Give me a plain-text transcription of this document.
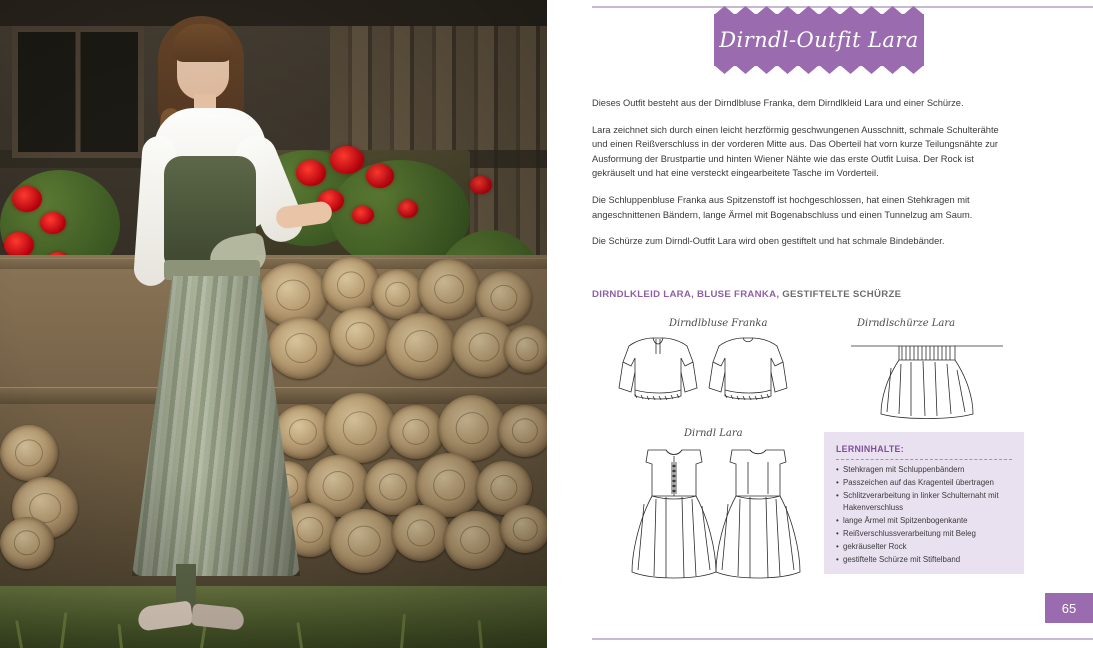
Dirndl-Outfit Lara

Dieses Outfit besteht aus der Dirndlbluse Franka, dem Dirndlkleid Lara und einer Schürze.

Lara zeichnet sich durch einen leicht herzförmig geschwungenen Ausschnitt, schmale Schulterähte und einen Reißverschluss in der vorderen Mitte aus. Das Oberteil hat vorn kurze Teilungsnähte zur Ausformung der Brustpartie und hinten Wiener Nähte wie das erste Outfit Luisa. Der Rock ist gekräuselt und hat eine versteckt eingearbeitete Tasche im Vorderteil.

Die Schluppenbluse Franka aus Spitzenstoff ist hochgeschlossen, hat einen Stehkragen mit angeschnittenen Bändern, lange Ärmel mit Bogenabschluss und einen Tunnelzug am Saum.

Die Schürze zum Dirndl-Outfit Lara wird oben gestiftelt und hat schmale Bindebänder.

DIRNDLKLEID LARA, BLUSE FRANKA, GESTIFTELTE SCHÜRZE
Dirndlbluse Franka	Dirndlschürze Lara
Dirndl Lara
LERNINHALTE:
• Stehkragen mit Schluppenbändern
• Passzeichen auf das Kragenteil übertragen
• Schlitzverarbeitung in linker Schulternaht mit Hakenverschluss
• lange Ärmel mit Spitzenbogenkante
• Reißverschlussverarbeitung mit Beleg
• gekräuselter Rock
• gestiftelte Schürze mit Stiftelband
65
